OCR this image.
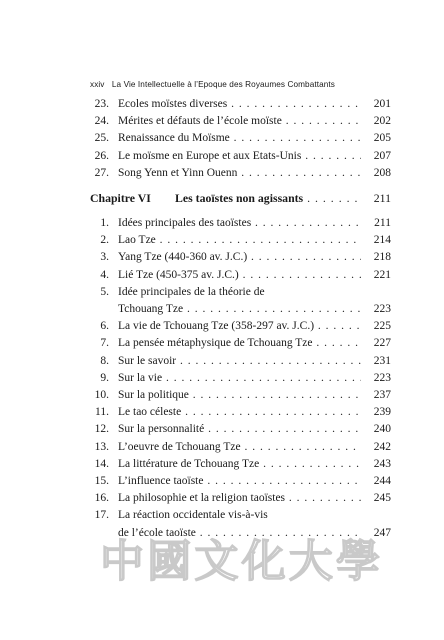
xxiv La Vie Intellectuelle à l’Epoque des Royaumes Combattants
23. Ecoles moïstes diverses . . .	201
24. Mérites et défauts de l’école moïste . . .	202
25. Renaissance du Moïsme . . .	205
26. Le moïsme en Europe et aux Etats-Unis . . .	207
27. Song Yenn et Yinn Ouenn . . .	208
Chapitre VI Les taoïstes non agissants . . .	211
1. Idées principales des taoïstes . . .	211
2. Lao Tze . . .	214
3. Yang Tze (440-360 av. J.C.) . . .	218
4. Lié Tze (450-375 av. J.C.) . . .	221
5. Idée principales de la théorie de
Tchouang Tze . . .	223
6. La vie de Tchouang Tze (358-297 av. J.C.) . . .	225
7. La pensée métaphysique de Tchouang Tze . . .	227
8. Sur le savoir . . .	231
9. Sur la vie . . .	223
10. Sur la politique . . .	237
11. Le tao céleste . . .	239
12. Sur la personnalité . . .	240
13. L’oeuvre de Tchouang Tze . . .	242
14. La littérature de Tchouang Tze . . .	243
15. L’influence taoïste . . .	244
16. La philosophie et la religion taoïstes . . .	245
17. La réaction occidentale vis-à-vis
de l’école taoïste . . .	247
中 國 文 化 大 學
